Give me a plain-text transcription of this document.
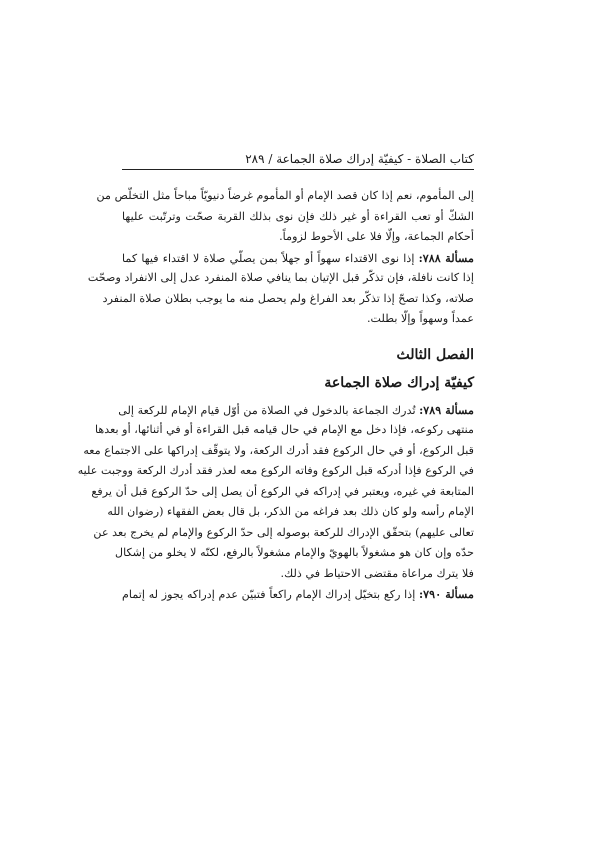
كتاب الصلاة - كيفيّة إدراك صلاة الجماعة / ٢٨٩
إلى المأموم، نعم إذا كان قصد الإمام أو المأموم غرضاً دنيويّاً مباحاً مثل التخلّص من
الشكّ أو تعب القراءة أو غير ذلك فإن نوى بذلك القربة صحّت وترتّبت عليها
أحكام الجماعة، وإلّا فلا على الأحوط لزوماً.
مسألة ٧٨٨: إذا نوى الاقتداء سهواً أو جهلاً بمن يصلّي صلاة لا اقتداء فيها كما
إذا كانت نافلة، فإن تذكّر قبل الإتيان بما ينافي صلاة المنفرد عدل إلى الانفراد وصحّت
صلاته، وكذا تصحّ إذا تذكّر بعد الفراغ ولم يحصل منه ما يوجب بطلان صلاة المنفرد
عمداً وسهواً وإلّا بطلت.
الفصل الثالث
كيفيّة إدراك صلاة الجماعة
مسألة ٧٨٩: تُدرك الجماعة بالدخول في الصلاة من أوّل قيام الإمام للركعة إلى
منتهى ركوعه، فإذا دخل مع الإمام في حال قيامه قبل القراءة أو في أثنائها، أو بعدها
قبل الركوع، أو في حال الركوع فقد أدرك الركعة، ولا يتوقّف إدراكها على الاجتماع معه
في الركوع فإذا أدركه قبل الركوع وفاته الركوع معه لعذر فقد أدرك الركعة ووجبت عليه
المتابعة في غيره، ويعتبر في إدراكه في الركوع أن يصل إلى حدّ الركوع قبل أن يرفع
الإمام رأسه ولو كان ذلك بعد فراغه من الذكر، بل قال بعض الفقهاء (رضوان الله
تعالى عليهم) بتحقّق الإدراك للركعة بوصوله إلى حدّ الركوع والإمام لم يخرج بعد عن
حدّه وإن كان هو مشغولاً بالهويّ والإمام مشغولاً بالرفع، لكنّه لا يخلو من إشكال
فلا يترك مراعاة مقتضى الاحتياط في ذلك.
مسألة ٧٩٠: إذا ركع بتخيّل إدراك الإمام راكعاً فتبيّن عدم إدراكه يجوز له إتمام
